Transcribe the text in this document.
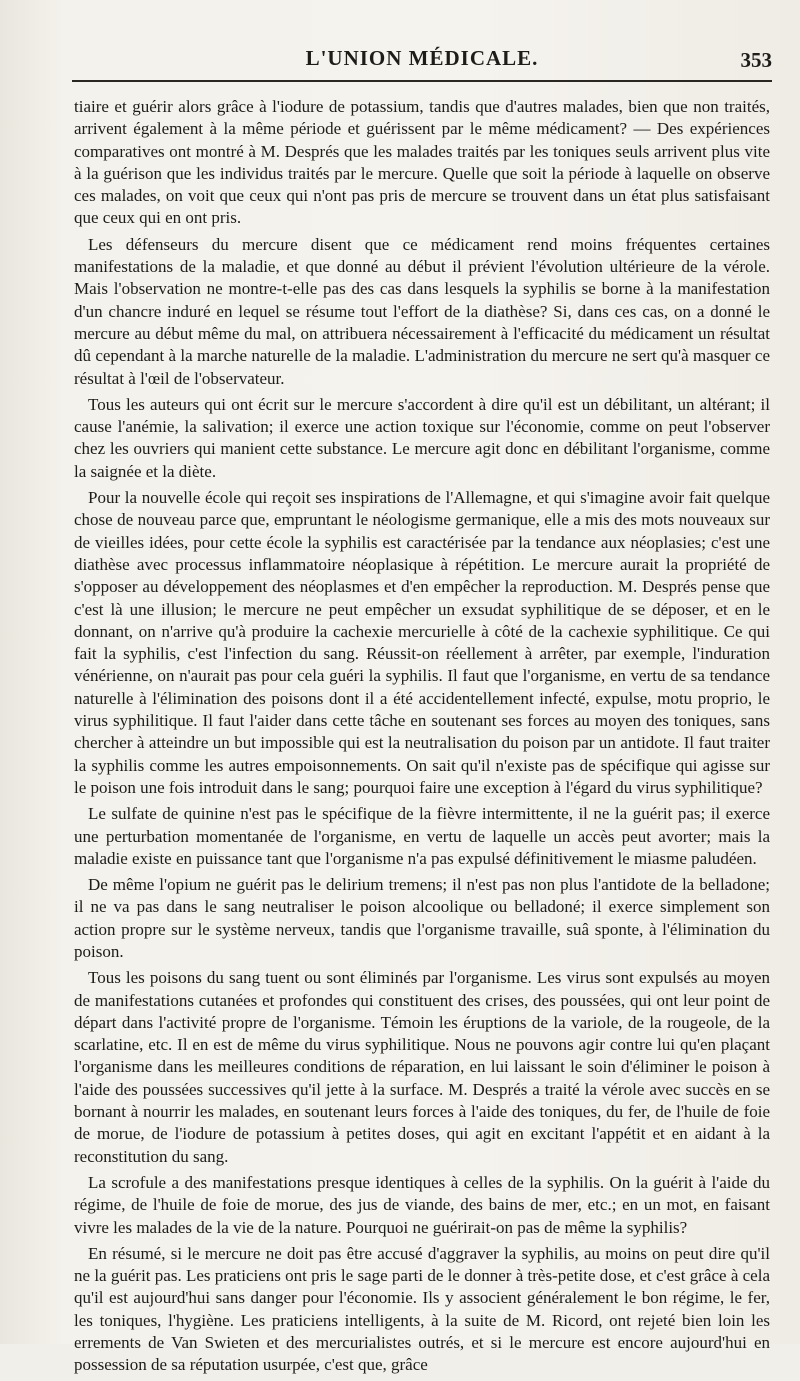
L'UNION MÉDICALE.	353

tiaire et guérir alors grâce à l'iodure de potassium, tandis que d'autres malades, bien que non traités, arrivent également à la même période et guérissent par le même médicament? — Des expériences comparatives ont montré à M. Després que les malades traités par les toniques seuls arrivent plus vite à la guérison que les individus traités par le mercure. Quelle que soit la période à laquelle on observe ces malades, on voit que ceux qui n'ont pas pris de mercure se trouvent dans un état plus satisfaisant que ceux qui en ont pris.

Les défenseurs du mercure disent que ce médicament rend moins fréquentes certaines manifestations de la maladie, et que donné au début il prévient l'évolution ultérieure de la vérole. Mais l'observation ne montre-t-elle pas des cas dans lesquels la syphilis se borne à la manifestation d'un chancre induré en lequel se résume tout l'effort de la diathèse? Si, dans ces cas, on a donné le mercure au début même du mal, on attribuera nécessairement à l'efficacité du médicament un résultat dû cependant à la marche naturelle de la maladie. L'administration du mercure ne sert qu'à masquer ce résultat à l'œil de l'observateur.

Tous les auteurs qui ont écrit sur le mercure s'accordent à dire qu'il est un débilitant, un altérant; il cause l'anémie, la salivation; il exerce une action toxique sur l'économie, comme on peut l'observer chez les ouvriers qui manient cette substance. Le mercure agit donc en débilitant l'organisme, comme la saignée et la diète.

Pour la nouvelle école qui reçoit ses inspirations de l'Allemagne, et qui s'imagine avoir fait quelque chose de nouveau parce que, empruntant le néologisme germanique, elle a mis des mots nouveaux sur de vieilles idées, pour cette école la syphilis est caractérisée par la tendance aux néoplasies; c'est une diathèse avec processus inflammatoire néoplasique à répétition. Le mercure aurait la propriété de s'opposer au développement des néoplasmes et d'en empêcher la reproduction. M. Després pense que c'est là une illusion; le mercure ne peut empêcher un exsudat syphilitique de se déposer, et en le donnant, on n'arrive qu'à produire la cachexie mercurielle à côté de la cachexie syphilitique. Ce qui fait la syphilis, c'est l'infection du sang. Réussit-on réellement à arrêter, par exemple, l'induration vénérienne, on n'aurait pas pour cela guéri la syphilis. Il faut que l'organisme, en vertu de sa tendance naturelle à l'élimination des poisons dont il a été accidentellement infecté, expulse, motu proprio, le virus syphilitique. Il faut l'aider dans cette tâche en soutenant ses forces au moyen des toniques, sans chercher à atteindre un but impossible qui est la neutralisation du poison par un antidote. Il faut traiter la syphilis comme les autres empoisonnements. On sait qu'il n'existe pas de spécifique qui agisse sur le poison une fois introduit dans le sang; pourquoi faire une exception à l'égard du virus syphilitique?

Le sulfate de quinine n'est pas le spécifique de la fièvre intermittente, il ne la guérit pas; il exerce une perturbation momentanée de l'organisme, en vertu de laquelle un accès peut avorter; mais la maladie existe en puissance tant que l'organisme n'a pas expulsé définitivement le miasme paludéen.

De même l'opium ne guérit pas le delirium tremens; il n'est pas non plus l'antidote de la belladone; il ne va pas dans le sang neutraliser le poison alcoolique ou belladoné; il exerce simplement son action propre sur le système nerveux, tandis que l'organisme travaille, suâ sponte, à l'élimination du poison.

Tous les poisons du sang tuent ou sont éliminés par l'organisme. Les virus sont expulsés au moyen de manifestations cutanées et profondes qui constituent des crises, des poussées, qui ont leur point de départ dans l'activité propre de l'organisme. Témoin les éruptions de la variole, de la rougeole, de la scarlatine, etc. Il en est de même du virus syphilitique. Nous ne pouvons agir contre lui qu'en plaçant l'organisme dans les meilleures conditions de réparation, en lui laissant le soin d'éliminer le poison à l'aide des poussées successives qu'il jette à la surface. M. Després a traité la vérole avec succès en se bornant à nourrir les malades, en soutenant leurs forces à l'aide des toniques, du fer, de l'huile de foie de morue, de l'iodure de potassium à petites doses, qui agit en excitant l'appétit et en aidant à la reconstitution du sang.

La scrofule a des manifestations presque identiques à celles de la syphilis. On la guérit à l'aide du régime, de l'huile de foie de morue, des jus de viande, des bains de mer, etc.; en un mot, en faisant vivre les malades de la vie de la nature. Pourquoi ne guérirait-on pas de même la syphilis?

En résumé, si le mercure ne doit pas être accusé d'aggraver la syphilis, au moins on peut dire qu'il ne la guérit pas. Les praticiens ont pris le sage parti de le donner à très-petite dose, et c'est grâce à cela qu'il est aujourd'hui sans danger pour l'économie. Ils y associent généralement le bon régime, le fer, les toniques, l'hygiène. Les praticiens intelligents, à la suite de M. Ricord, ont rejeté bien loin les errements de Van Swieten et des mercurialistes outrés, et si le mercure est encore aujourd'hui en possession de sa réputation usurpée, c'est que, grâce
